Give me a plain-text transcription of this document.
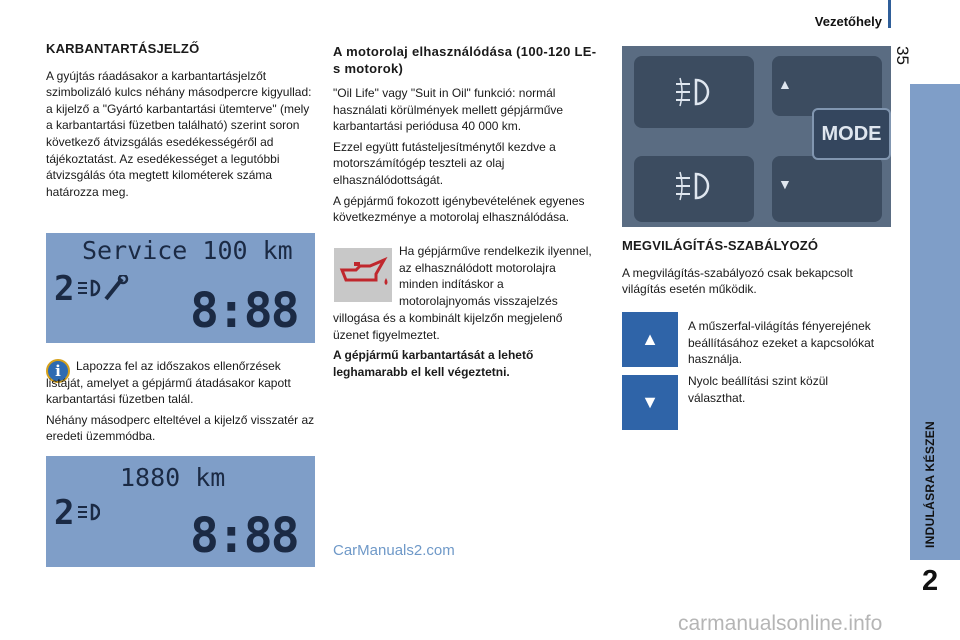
Vezetőhely
35
INDULÁSRA KÉSZEN
2
KARBANTARTÁSJELZŐ

A gyújtás ráadásakor a karbantartásjelzőt szimbolizáló kulcs néhány másodpercre kigyullad: a kijelző a "Gyártó karbantartási ütemterve" (mely a karbantartási füzetben található) szerint soron következő átvizsgálás esedékességéről ad tájékoztatást. Az esedékességet a legutóbbi átvizsgálás óta megtett kilométerek száma határozza meg.

Service 100 km
2 8:88
i	Lapozza fel az időszakos ellenőrzések listáját, amelyet a gépjármű átadásakor kapott karbantartási füzetben talál.

Néhány másodperc elteltével a kijelző visszatér az eredeti üzemmódba.

1880 km
2 8:88
A motorolaj elhasználódása (100-120 LE-s motorok)

"Oil Life" vagy "Suit in Oil" funkció: normál használati körülmények mellett gépjárműve karbantartási periódusa 40 000 km.

Ezzel együtt futásteljesítménytől kezdve a motorszámítógép teszteli az olaj elhasználódottságát.

A gépjármű fokozott igénybevételének egyenes következménye a motorolaj elhasználódása.

Ha gépjárműve rendelkezik ilyennel, az elhasználódott motorolajra minden indításkor a motorolajnyomás visszajelzés

villogása és a kombinált kijelzőn megjelenő üzenet figyelmeztet.

A gépjármű karbantartását a lehető leghamarabb el kell végeztetni.

MODE
▲
▼
MEGVILÁGÍTÁS-SZABÁLYOZÓ

A megvilágítás-szabályozó csak bekapcsolt világítás esetén működik.

▲
▼

A műszerfal-világítás fényerejének beállításához ezeket a kapcsolókat használja.

Nyolc beállítási szint közül választhat.

CarManuals2.com
carmanualsonline.info
